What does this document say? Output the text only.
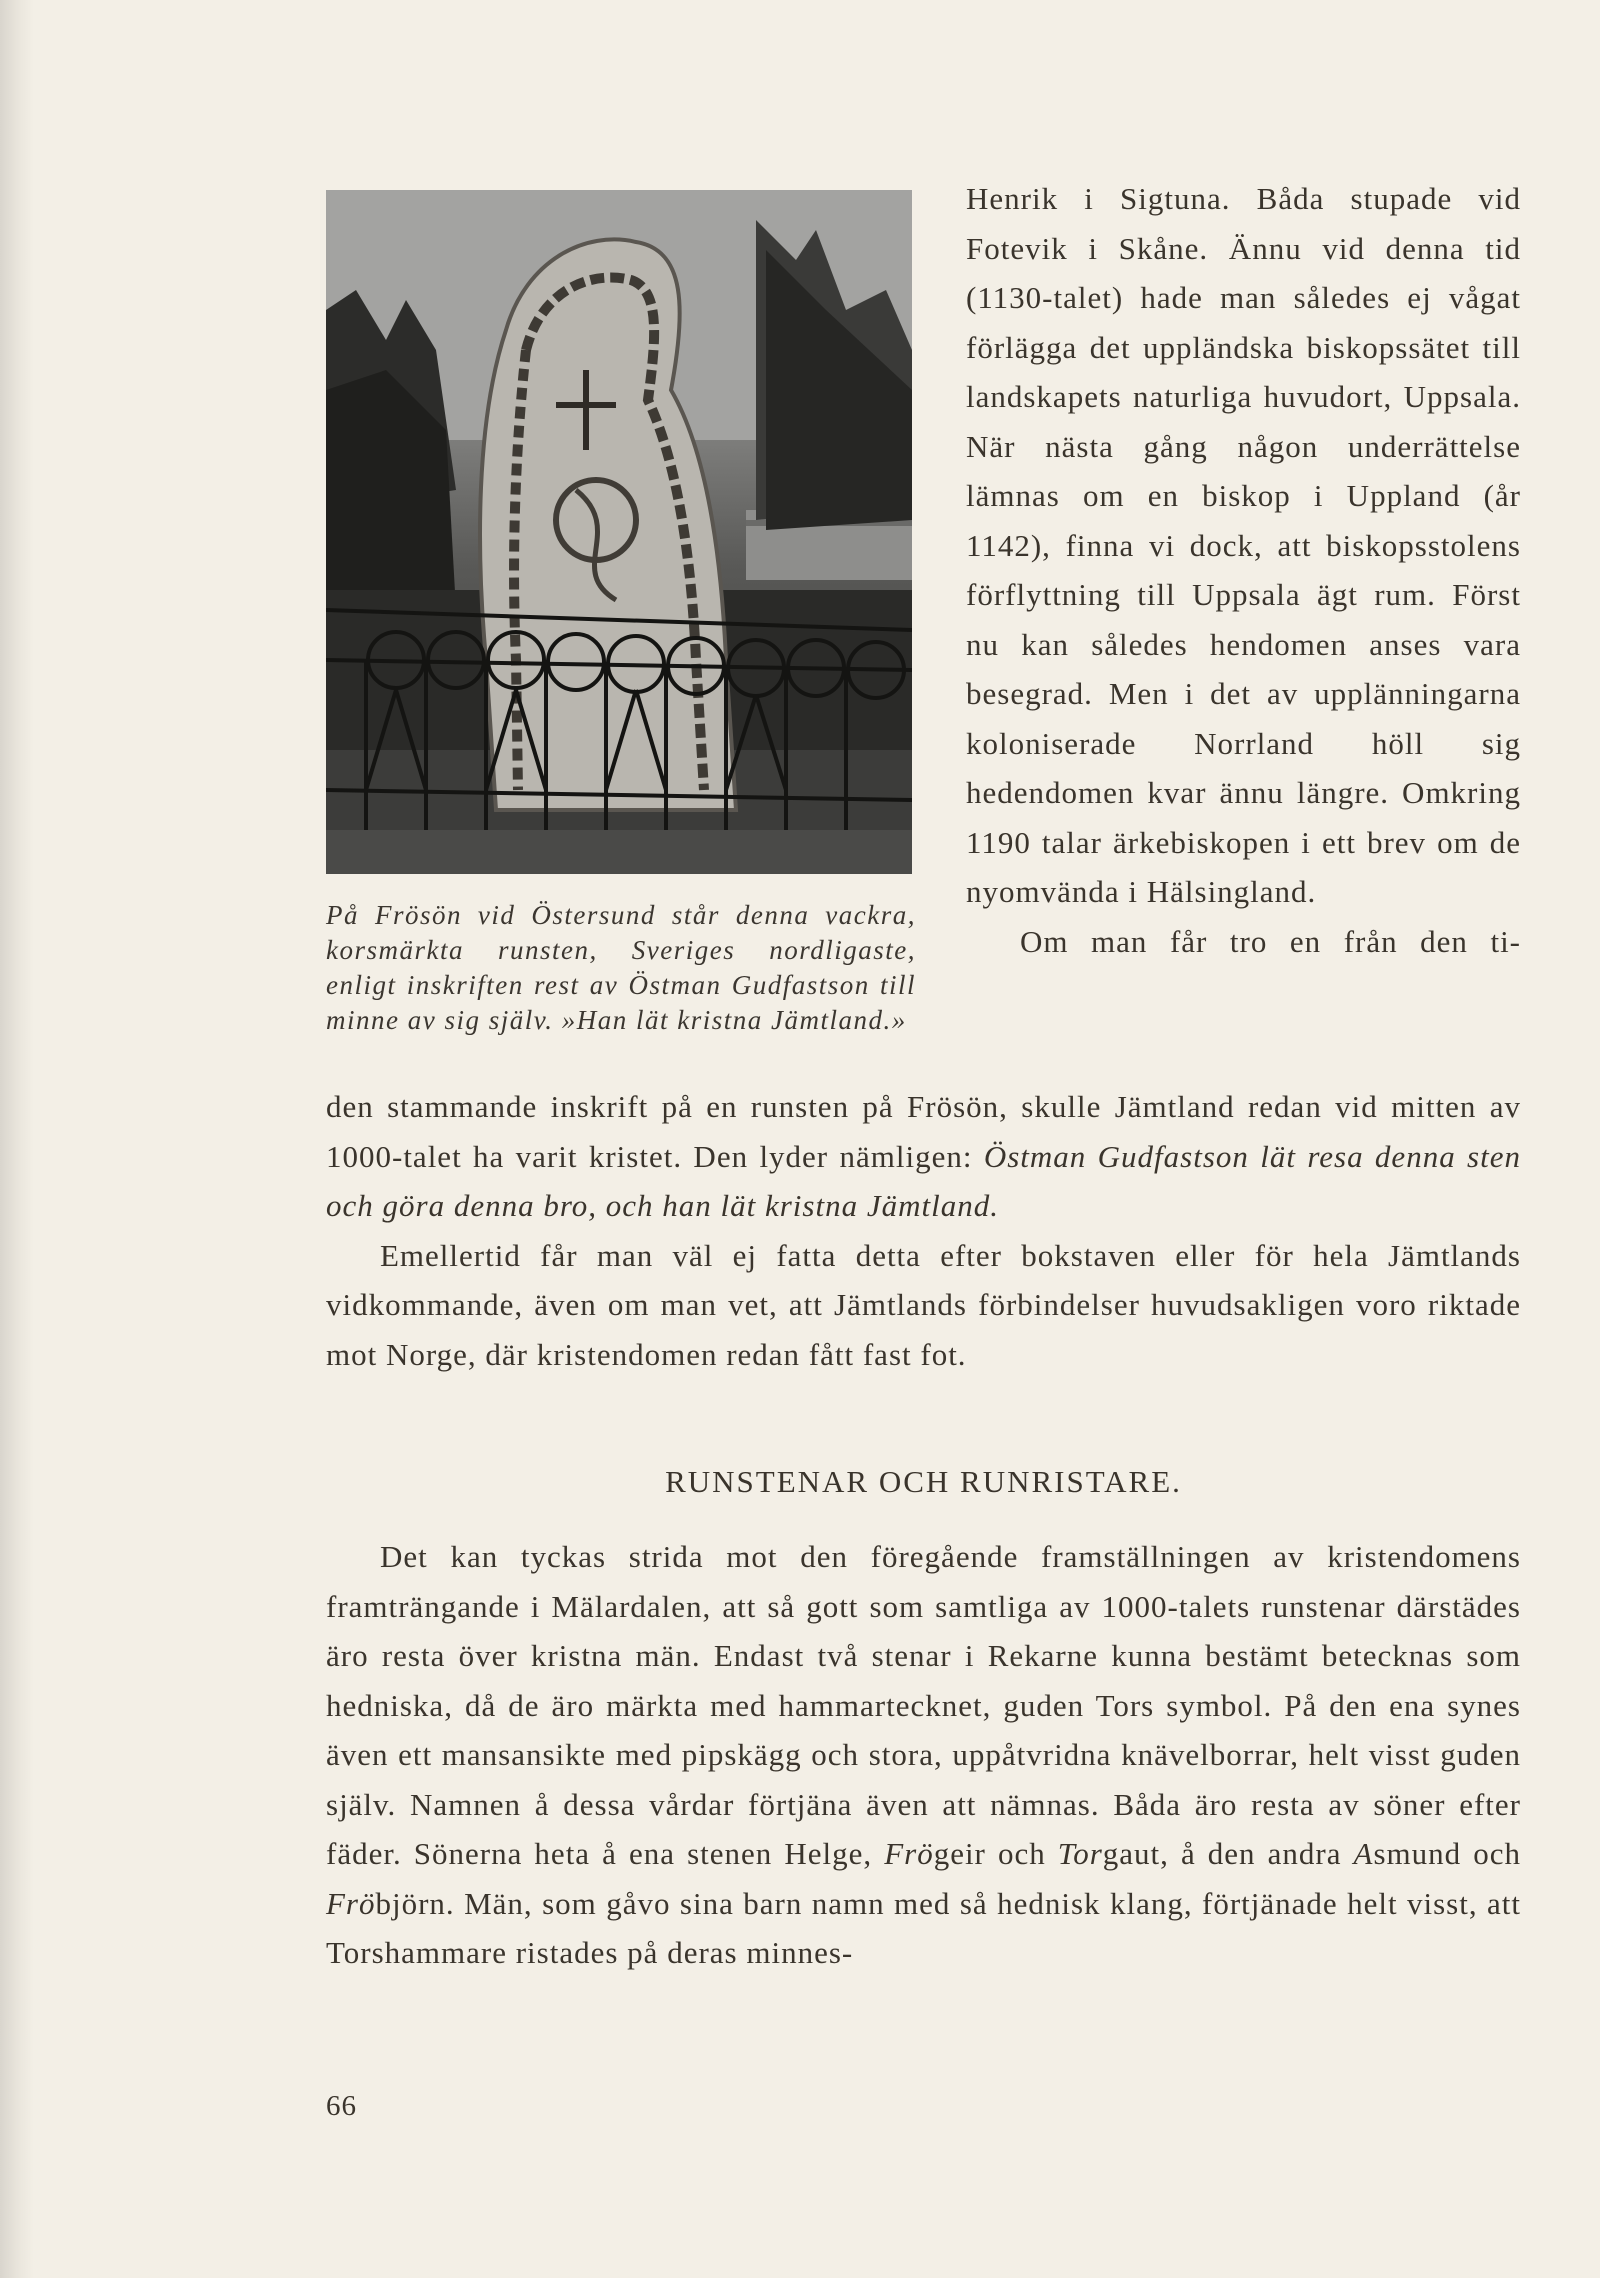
På Frösön vid Östersund står denna vackra, korsmärkta runsten, Sveriges nordligaste, enligt inskriften rest av Östman Gudfastson till minne av sig själv. »Han lät kristna Jämtland.»

Henrik i Sigtuna. Båda stupade vid Fotevik i Skåne. Ännu vid denna tid (1130-talet) hade man således ej vågat förlägga det uppländska biskopssätet till landskapets naturliga huvudort, Uppsala. När nästa gång någon underrättelse lämnas om en biskop i Uppland (år 1142), finna vi dock, att biskopsstolens förflyttning till Uppsala ägt rum. Först nu kan således hendomen anses vara besegrad. Men i det av upplänningarna koloniserade Norrland höll sig hedendomen kvar ännu längre. Omkring 1190 talar ärkebiskopen i ett brev om de nyomvända i Hälsingland.

Om man får tro en från den ti-

den stammande inskrift på en runsten på Frösön, skulle Jämtland redan vid mitten av 1000-talet ha varit kristet. Den lyder nämligen: Östman Gudfastson lät resa denna sten och göra denna bro, och han lät kristna Jämtland.

Emellertid får man väl ej fatta detta efter bokstaven eller för hela Jämtlands vidkommande, även om man vet, att Jämtlands förbindelser huvudsakligen voro riktade mot Norge, där kristendomen redan fått fast fot.

RUNSTENAR OCH RUNRISTARE.

Det kan tyckas strida mot den föregående framställningen av kristendomens framträngande i Mälardalen, att så gott som samtliga av 1000-talets runstenar därstädes äro resta över kristna män. Endast två stenar i Rekarne kunna bestämt betecknas som hedniska, då de äro märkta med hammartecknet, guden Tors symbol. På den ena synes även ett mansansikte med pipskägg och stora, uppåtvridna knävelborrar, helt visst guden själv. Namnen å dessa vårdar förtjäna även att nämnas. Båda äro resta av söner efter fäder. Sönerna heta å ena stenen Helge, Frögeir och Torgaut, å den andra Asmund och Fröbjörn. Män, som gåvo sina barn namn med så hednisk klang, förtjänade helt visst, att Torshammare ristades på deras minnes-

66
